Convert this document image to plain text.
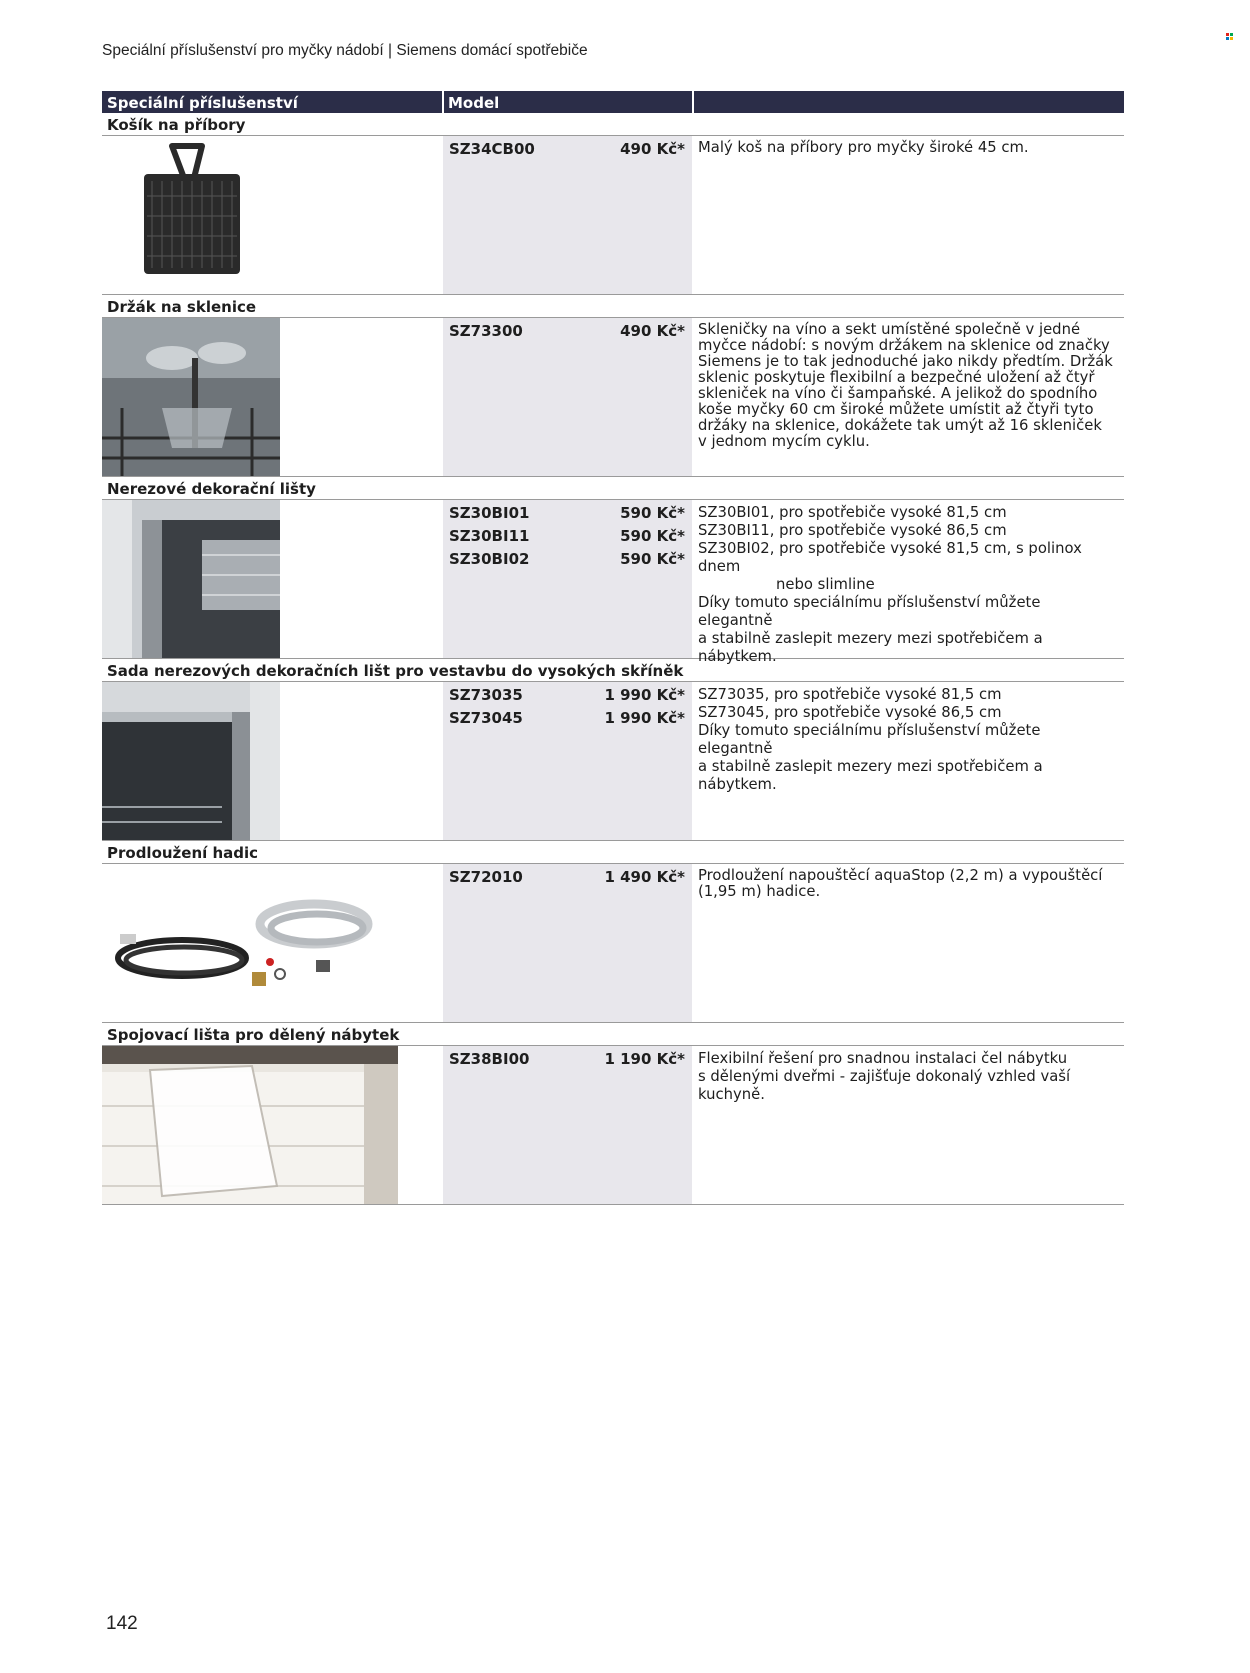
Speciální příslušenství pro myčky nádobí | Siemens domácí spotřebiče
Speciální příslušenství	Model
Košík na příbory
SZ34CB00	490 Kč* Malý koš na příbory pro myčky široké 45 cm.
Držák na sklenice
SZ73300	490 Kč* Skleničky na víno a sekt umístěné společně v jedné
myčce nádobí: s novým držákem na sklenice od značky
Siemens je to tak jednoduché jako nikdy předtím. Držák
sklenic poskytuje flexibilní a bezpečné uložení až čtyř
skleniček na víno či šampaňské. A jelikož do spodního
koše myčky 60 cm široké můžete umístit až čtyři tyto
držáky na sklenice, dokážete tak umýt až 16 skleniček
v jednom mycím cyklu.
Nerezové dekorační lišty
SZ30BI01	590 Kč*
SZ30BI11	590 Kč*
SZ30BI02	590 Kč*
SZ30BI01, pro spotřebiče vysoké 81,5 cm
SZ30BI11, pro spotřebiče vysoké 86,5 cm
SZ30BI02, pro spotřebiče vysoké 81,5 cm, s polinox dnem
nebo slimline
Díky tomuto speciálnímu příslušenství můžete elegantně
a stabilně zaslepit mezery mezi spotřebičem a nábytkem.
Sada nerezových dekoračních lišt pro vestavbu do vysokých skříněk
SZ73035	1 990 Kč*
SZ73045	1 990 Kč*
SZ73035, pro spotřebiče vysoké 81,5 cm
SZ73045, pro spotřebiče vysoké 86,5 cm
Díky tomuto speciálnímu příslušenství můžete elegantně
a stabilně zaslepit mezery mezi spotřebičem a nábytkem.
Prodloužení hadic
SZ72010	1 490 Kč* Prodloužení napouštěcí aquaStop (2,2 m) a vypouštěcí
(1,95 m) hadice.
Spojovací lišta pro dělený nábytek
SZ38BI00	1 190 Kč* Flexibilní řešení pro snadnou instalaci čel nábytku
s dělenými dveřmi - zajišťuje dokonalý vzhled vaší
kuchyně.
142
